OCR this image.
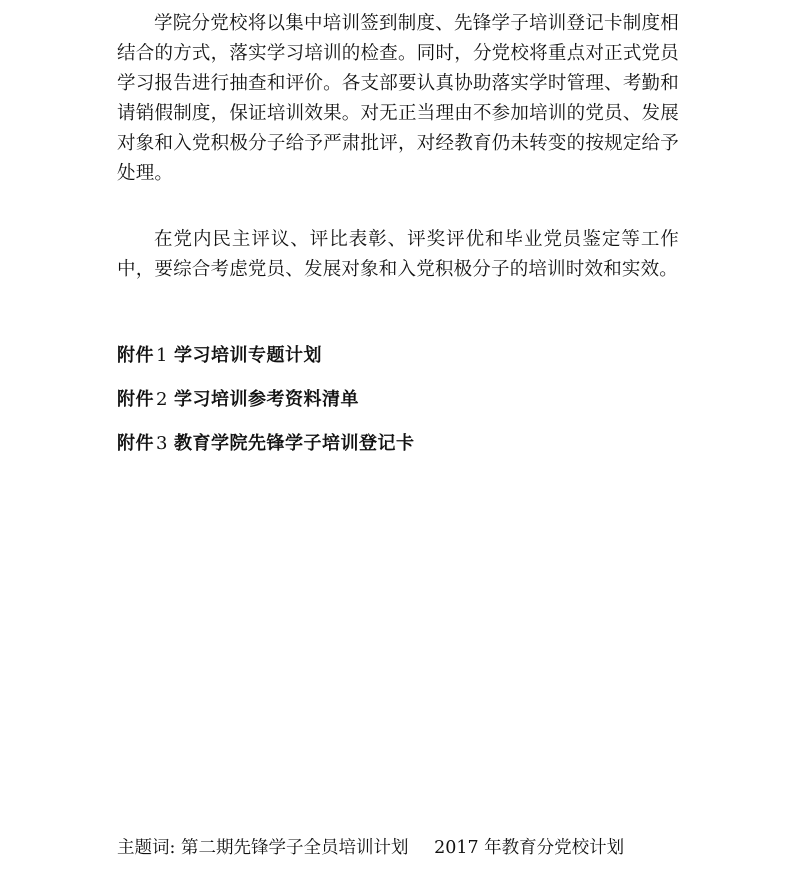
学院分党校将以集中培训签到制度、先锋学子培训登记卡制度相结合的方式，落实学习培训的检查。同时，分党校将重点对正式党员学习报告进行抽查和评价。各支部要认真协助落实学时管理、考勤和请销假制度，保证培训效果。对无正当理由不参加培训的党员、发展对象和入党积极分子给予严肃批评，对经教育仍未转变的按规定给予处理。

在党内民主评议、评比表彰、评奖评优和毕业党员鉴定等工作中，要综合考虑党员、发展对象和入党积极分子的培训时效和实效。

附件 1 学习培训专题计划
附件 2 学习培训参考资料清单
附件 3 教育学院先锋学子培训登记卡
主题词: 第二期先锋学子全员培训计划 2017 年教育分党校计划
